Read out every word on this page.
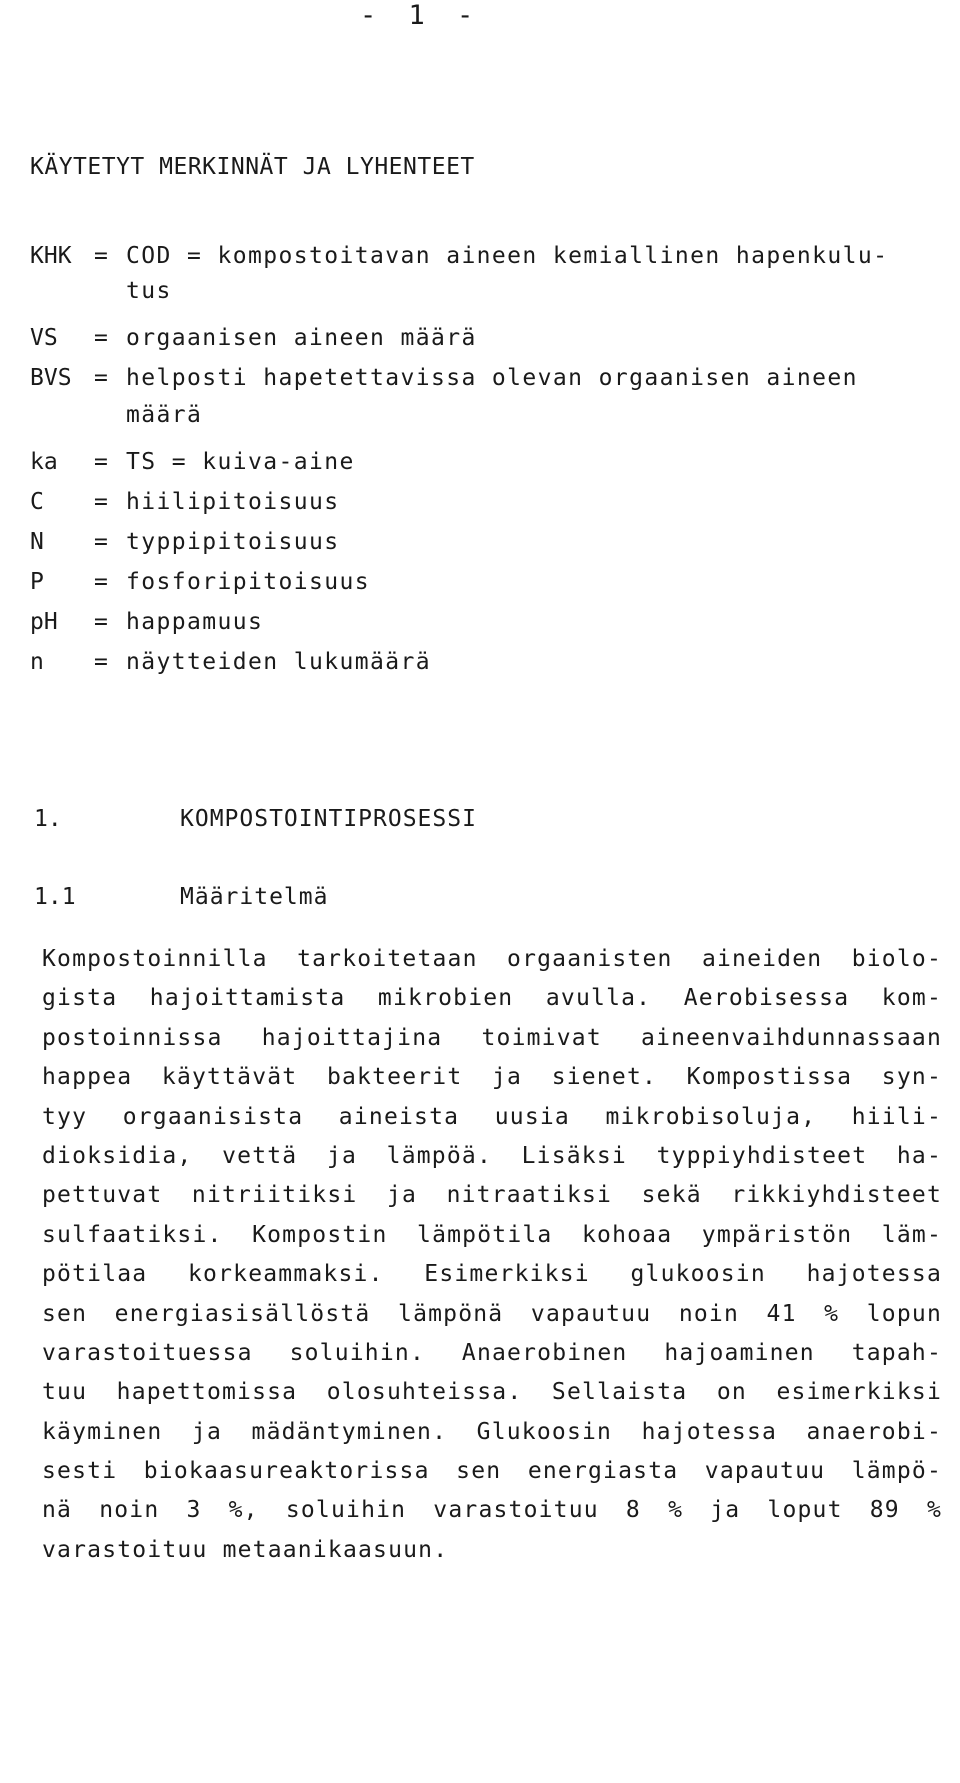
- 1 -
KÄYTETYT MERKINNÄT JA LYHENTEET
KHK = COD = kompostoitavan aineen kemiallinen hapenkulu-
tus
VS	= orgaanisen aineen määrä
BVS = helposti hapetettavissa olevan orgaanisen aineen
määrä
ka	= TS = kuiva-aine
C	= hiilipitoisuus
N	= typpipitoisuus
P	= fosforipitoisuus
pH	= happamuus
n	= näytteiden lukumäärä
1.	KOMPOSTOINTIPROSESSI
1.1	Määritelmä
Kompostoinnilla tarkoitetaan orgaanisten aineiden biolo-
gista hajoittamista mikrobien avulla. Aerobisessa kom-
postoinnissa hajoittajina toimivat aineenvaihdunnassaan
happea käyttävät bakteerit ja sienet. Kompostissa syn-
tyy orgaanisista aineista uusia mikrobisoluja, hiili-
dioksidia, vettä ja lämpöä. Lisäksi typpiyhdisteet ha-
pettuvat nitriitiksi ja nitraatiksi sekä rikkiyhdisteet
sulfaatiksi. Kompostin lämpötila kohoaa ympäristön läm-
pötilaa korkeammaksi. Esimerkiksi glukoosin hajotessa
sen energiasisällöstä lämpönä vapautuu noin 41 % lopun
varastoituessa soluihin. Anaerobinen hajoaminen tapah-
tuu hapettomissa olosuhteissa. Sellaista on esimerkiksi
käyminen ja mädäntyminen. Glukoosin hajotessa anaerobi-
sesti biokaasureaktorissa sen energiasta vapautuu lämpö-
nä noin 3 %, soluihin varastoituu 8 % ja loput 89 %
varastoituu metaanikaasuun.
